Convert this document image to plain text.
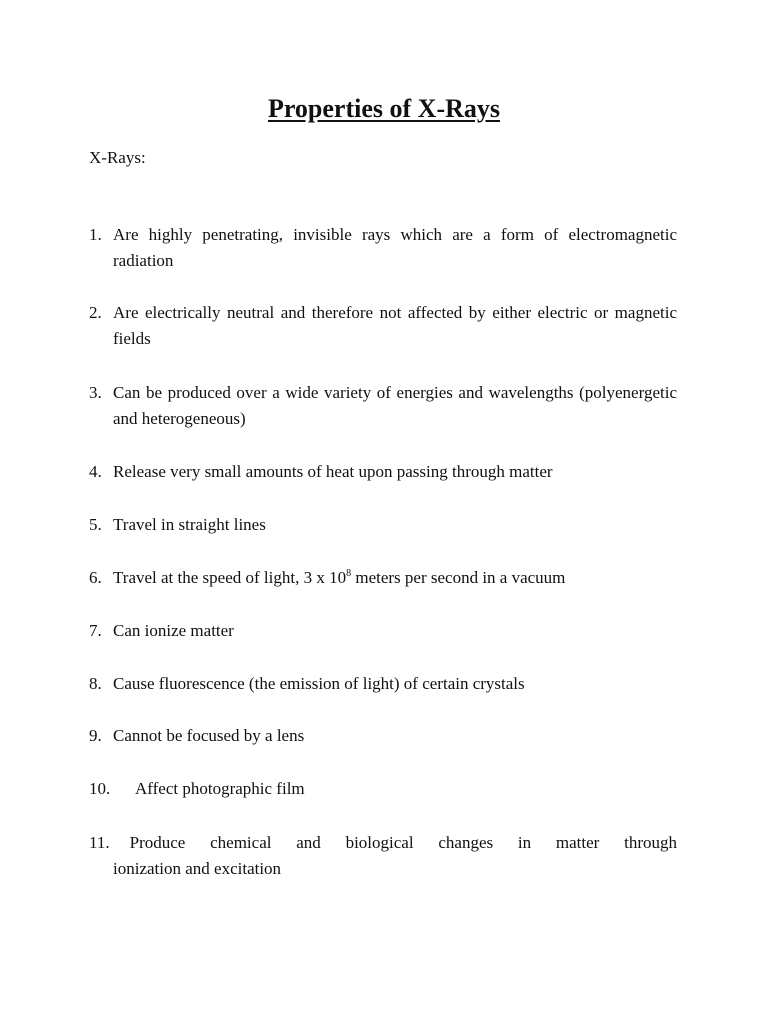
Properties of X-Rays

X-Rays:

1. Are highly penetrating, invisible rays which are a form of electromagnetic radiation
2. Are electrically neutral and therefore not affected by either electric or magnetic fields
3. Can be produced over a wide variety of energies and wavelengths (polyenergetic and heterogeneous)
4. Release very small amounts of heat upon passing through matter
5. Travel in straight lines
6. Travel at the speed of light, 3 x $10^8$ meters per second in a vacuum
7. Can ionize matter
8. Cause fluorescence (the emission of light) of certain crystals
9. Cannot be focused by a lens
10. Affect photographic film
11. Produce chemical and biological changes in matter through
ionization and excitation
